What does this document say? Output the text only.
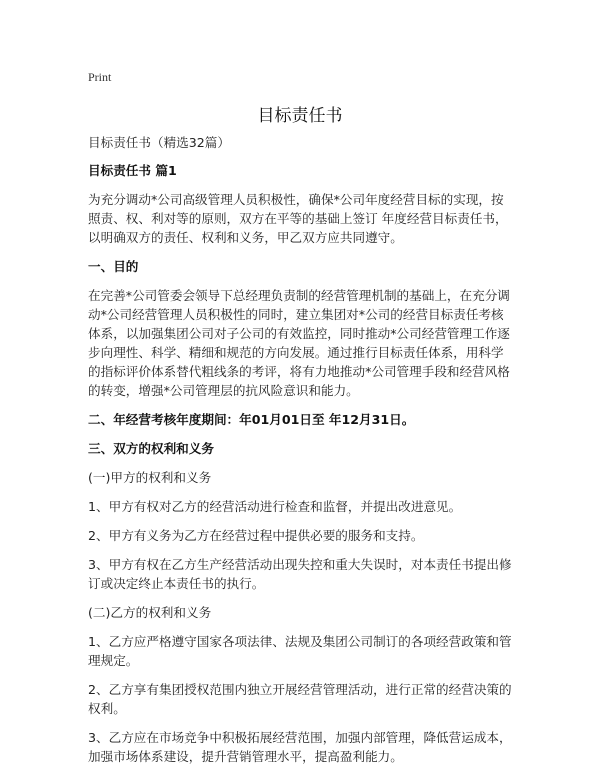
Print
目标责任书

目标责任书（精选32篇）

目标责任书 篇1

为充分调动*公司高级管理人员积极性，确保*公司年度经营目标的实现，按照责、权、利对等的原则，双方在平等的基础上签订 年度经营目标责任书，以明确双方的责任、权利和义务，甲乙双方应共同遵守。

一、目的

在完善*公司管委会领导下总经理负责制的经营管理机制的基础上，在充分调动*公司经营管理人员积极性的同时，建立集团对*公司的经营目标责任考核体系，以加强集团公司对子公司的有效监控，同时推动*公司经营管理工作逐步向理性、科学、精细和规范的方向发展。通过推行目标责任体系，用科学的指标评价体系替代粗线条的考评，将有力地推动*公司管理手段和经营风格的转变，增强*公司管理层的抗风险意识和能力。

二、年经营考核年度期间：年01月01日至 年12月31日。

三、双方的权利和义务

(一)甲方的权利和义务

1、甲方有权对乙方的经营活动进行检查和监督，并提出改进意见。

2、甲方有义务为乙方在经营过程中提供必要的服务和支持。

3、甲方有权在乙方生产经营活动出现失控和重大失误时，对本责任书提出修订或决定终止本责任书的执行。

(二)乙方的权利和义务

1、乙方应严格遵守国家各项法律、法规及集团公司制订的各项经营政策和管理规定。

2、乙方享有集团授权范围内独立开展经营管理活动，进行正常的经营决策的权利。

3、乙方应在市场竞争中积极拓展经营范围，加强内部管理，降低营运成本，加强市场体系建设，提升营销管理水平，提高盈利能力。
